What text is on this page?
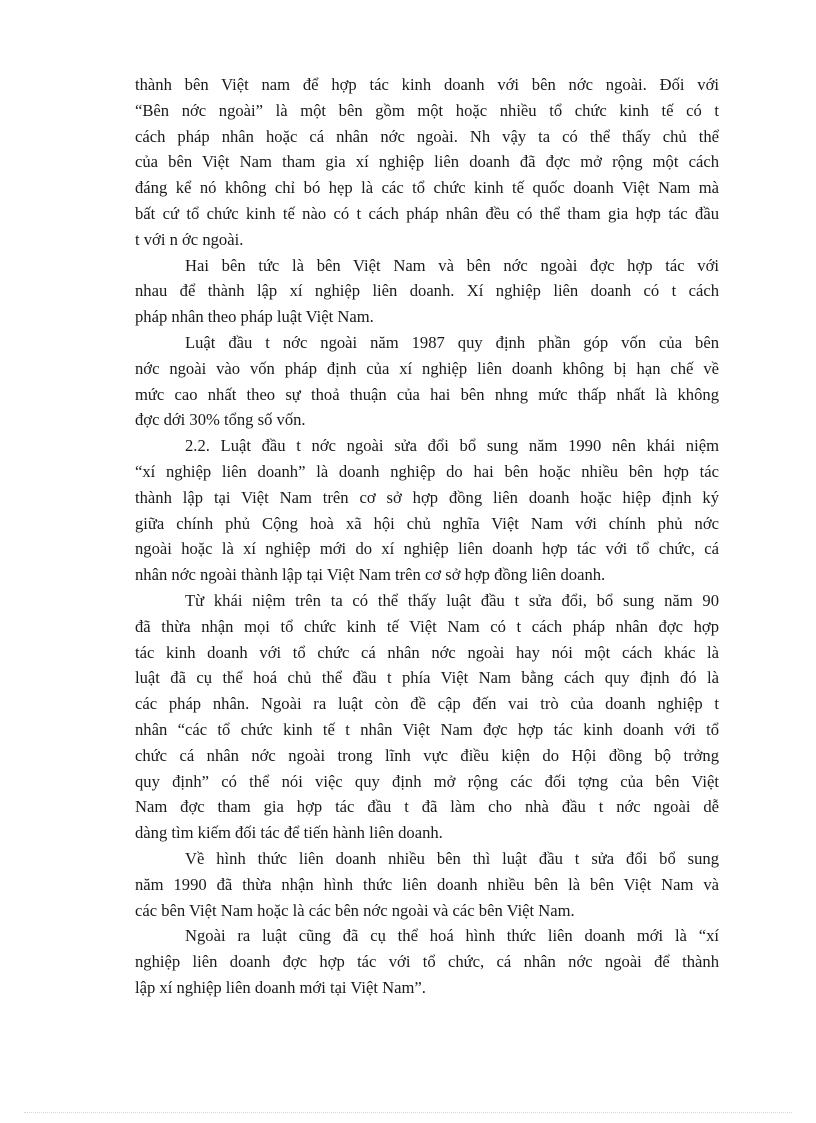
thành bên Việt nam để hợp tác kinh doanh với bên nớc ngoài. Đối với
“Bên nớc ngoài” là một bên gồm một hoặc nhiều tổ chức kinh tế có t
cách pháp nhân hoặc cá nhân nớc ngoài. Nh vậy ta có thể thấy chủ thể
của bên Việt Nam tham gia xí nghiệp liên doanh đã đợc mở rộng một cách
đáng kể nó không chỉ bó hẹp là các tổ chức kinh tế quốc doanh Việt Nam mà
bất cứ tổ chức kinh tế nào có t cách pháp nhân đều có thể tham gia hợp tác đầu
t với n ớc ngoài.
Hai bên tức là bên Việt Nam và bên nớc ngoài đợc hợp tác với
nhau để thành lập xí nghiệp liên doanh. Xí nghiệp liên doanh có t cách
pháp nhân theo pháp luật Việt Nam.
Luật đầu t nớc ngoài năm 1987 quy định phần góp vốn của bên
nớc ngoài vào vốn pháp định của xí nghiệp liên doanh không bị hạn chế về
mức cao nhất theo sự thoả thuận của hai bên nhng mức thấp nhất là không
đợc dới 30% tổng số vốn.
2.2. Luật đầu t nớc ngoài sửa đổi bổ sung năm 1990 nên khái niệm
“xí nghiệp liên doanh” là doanh nghiệp do hai bên hoặc nhiều bên hợp tác
thành lập tại Việt Nam trên cơ sở hợp đồng liên doanh hoặc hiệp định ký
giữa chính phủ Cộng hoà xã hội chủ nghĩa Việt Nam với chính phủ nớc
ngoài hoặc là xí nghiệp mới do xí nghiệp liên doanh hợp tác với tổ chức, cá
nhân nớc ngoài thành lập tại Việt Nam trên cơ sở hợp đồng liên doanh.
Từ khái niệm trên ta có thể thấy luật đầu t sửa đổi, bổ sung năm 90
đã thừa nhận mọi tổ chức kinh tế Việt Nam có t cách pháp nhân đợc hợp
tác kinh doanh với tổ chức cá nhân nớc ngoài hay nói một cách khác là
luật đã cụ thể hoá chủ thể đầu t phía Việt Nam bằng cách quy định đó là
các pháp nhân. Ngoài ra luật còn đề cập đến vai trò của doanh nghiệp t
nhân “các tổ chức kinh tế t nhân Việt Nam đợc hợp tác kinh doanh với tổ
chức cá nhân nớc ngoài trong lĩnh vực điều kiện do Hội đồng bộ trởng
quy định” có thể nói việc quy định mở rộng các đối tợng của bên Việt
Nam đợc tham gia hợp tác đầu t đã làm cho nhà đầu t nớc ngoài dễ
dàng tìm kiếm đối tác để tiến hành liên doanh.
Về hình thức liên doanh nhiều bên thì luật đầu t sửa đổi bổ sung
năm 1990 đã thừa nhận hình thức liên doanh nhiều bên là bên Việt Nam và
các bên Việt Nam hoặc là các bên nớc ngoài và các bên Việt Nam.
Ngoài ra luật cũng đã cụ thể hoá hình thức liên doanh mới là “xí
nghiệp liên doanh đợc hợp tác với tổ chức, cá nhân nớc ngoài để thành
lập xí nghiệp liên doanh mới tại Việt Nam”.
